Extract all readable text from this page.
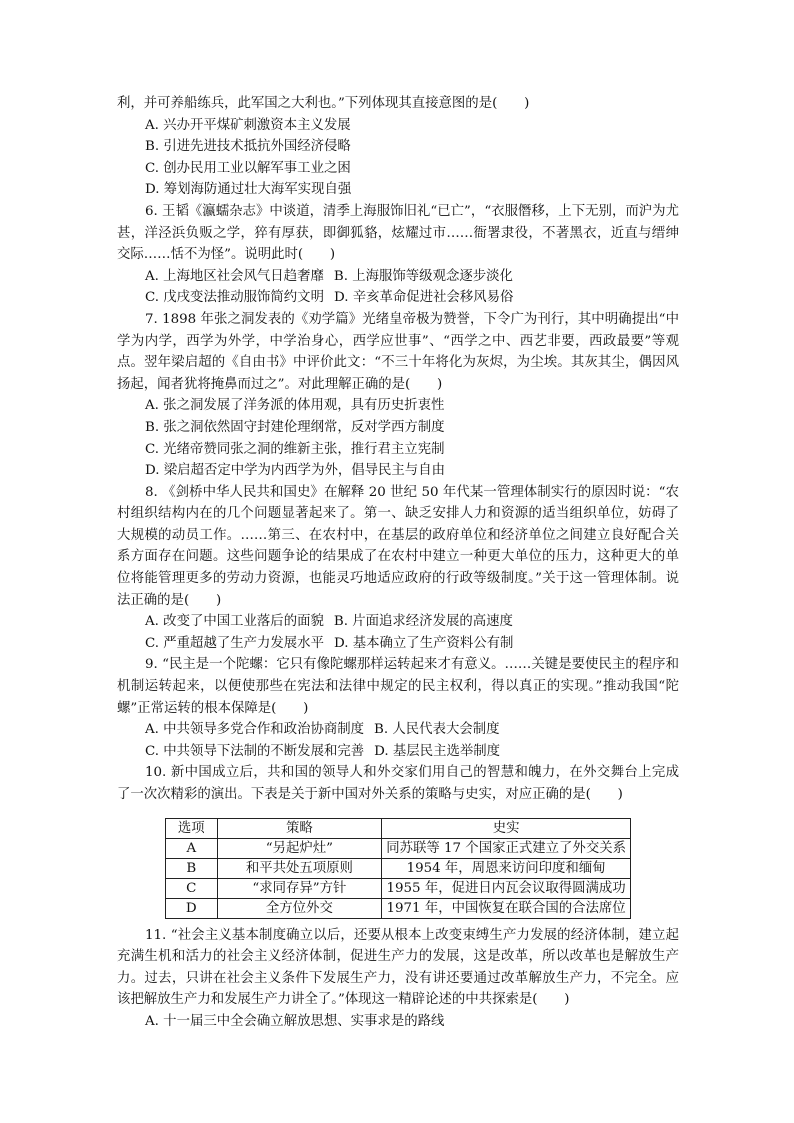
利，并可养船练兵，此军国之大利也。”下列体现其直接意图的是(　　)

A. 兴办开平煤矿刺激资本主义发展

B. 引进先进技术抵抗外国经济侵略

C. 创办民用工业以解军事工业之困

D. 筹划海防通过壮大海军实现自强

6. 王韬《瀛蠕杂志》中谈道，清季上海服饰旧礼“已亡”，“衣服僭移，上下无别，而沪为尤甚，洋泾浜负贩之学，猝有厚获，即御狐貉，炫耀过市……衙署隶役，不著黑衣，近直与缙绅交际……恬不为怪”。说明此时(　　)

A. 上海地区社会风气日趋奢靡 B. 上海服饰等级观念逐步淡化

C. 戊戌变法推动服饰简约文明 D. 辛亥革命促进社会移风易俗

7. 1898 年张之洞发表的《劝学篇》光绪皇帝极为赞誉，下令广为刊行，其中明确提出“中学为内学，西学为外学，中学治身心，西学应世事”、“西学之中、西艺非要，西政最要”等观点。翌年梁启超的《自由书》中评价此文：“不三十年将化为灰烬，为尘埃。其灰其尘，偶因风扬起，闻者犹将掩鼻而过之”。对此理解正确的是(　　)

A. 张之洞发展了洋务派的体用观，具有历史折衷性

B. 张之洞依然固守封建伦理纲常，反对学西方制度

C. 光绪帝赞同张之洞的维新主张，推行君主立宪制

D. 梁启超否定中学为内西学为外，倡导民主与自由

8. 《剑桥中华人民共和国史》在解释 20 世纪 50 年代某一管理体制实行的原因时说：“农村组织结构内在的几个问题显著起来了。第一、缺乏安排人力和资源的适当组织单位，妨碍了大规模的动员工作。……第三、在农村中，在基层的政府单位和经济单位之间建立良好配合关系方面存在问题。这些问题争论的结果成了在农村中建立一种更大单位的压力，这种更大的单位将能管理更多的劳动力资源，也能灵巧地适应政府的行政等级制度。”关于这一管理体制。说法正确的是(　　)

A. 改变了中国工业落后的面貌 B. 片面追求经济发展的高速度

C. 严重超越了生产力发展水平 D. 基本确立了生产资料公有制

9. “民主是一个陀螺：它只有像陀螺那样运转起来才有意义。……关键是要使民主的程序和机制运转起来，以便使那些在宪法和法律中规定的民主权利，得以真正的实现。”推动我国“陀螺”正常运转的根本保障是(　　)

A. 中共领导多党合作和政治协商制度 B. 人民代表大会制度

C. 中共领导下法制的不断发展和完善 D. 基层民主选举制度

10. 新中国成立后，共和国的领导人和外交家们用自己的智慧和魄力，在外交舞台上完成了一次次精彩的演出。下表是关于新中国对外关系的策略与史实，对应正确的是(　　)

选项	策略	史实
A	“另起炉灶”	同苏联等 17 个国家正式建立了外交关系
B	和平共处五项原则	1954 年，周恩来访问印度和缅甸
C	“求同存异”方针	1955 年，促进日内瓦会议取得圆满成功
D	全方位外交	1971 年，中国恢复在联合国的合法席位

11. “社会主义基本制度确立以后，还要从根本上改变束缚生产力发展的经济体制，建立起充满生机和活力的社会主义经济体制，促进生产力的发展，这是改革，所以改革也是解放生产力。过去，只讲在社会主义条件下发展生产力，没有讲还要通过改革解放生产力，不完全。应该把解放生产力和发展生产力讲全了。”体现这一精辟论述的中共探索是(　　)

A. 十一届三中全会确立解放思想、实事求是的路线
